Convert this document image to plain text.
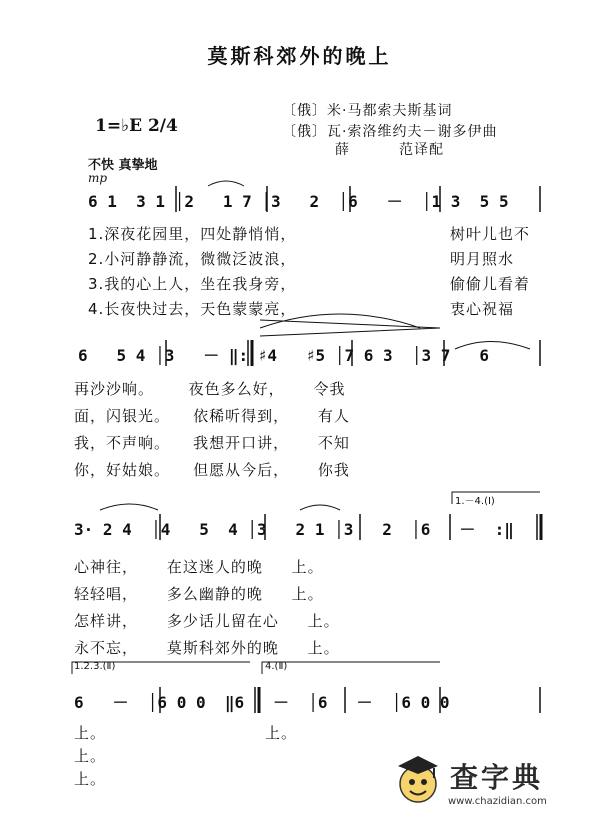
莫斯科郊外的晚上
〔俄〕米·马都索夫斯基词
〔俄〕瓦·索洛维约夫－谢多伊曲
薛         范译配
1=♭E 2/4
不快 真挚地
mp
6 1  3 1 │2   1 7 │3   2  │6   －  │1 3  5 5
1.深夜花园里，四处静悄悄，	树叶儿也不
2.小河静静流，微微泛波浪，	明月照水
3.我的心上人，坐在我身旁，	偷偷儿看着
4.长夜快过去，天色蒙蒙亮，	衷心祝福
6   5 4 │3   － ‖: ♯4   ♯5 │7 6 3  │3 7   6
再沙沙响。      夜色多么好，     令我
面，闪银光。    依稀听得到，     有人
我，不声响。    我想开口讲，     不知
你，好姑娘。    但愿从今后，     你我
1.－4.(Ⅰ)
3· 2 4  │4   5  4 │3   2 1 │3   2  │6   －  :‖
心神往，     在这迷人的晚     上。
轻轻唱，     多么幽静的晚     上。
怎样讲，     多少话儿留在心     上。
永不忘，     莫斯科郊外的晚     上。
1.2.3.(Ⅱ)	4.(Ⅱ)
6   －  │6 0 0  ‖6   －  │6   －  │6 0 0
上。
上。
上。
上。
查字典
www.chazidian.com
